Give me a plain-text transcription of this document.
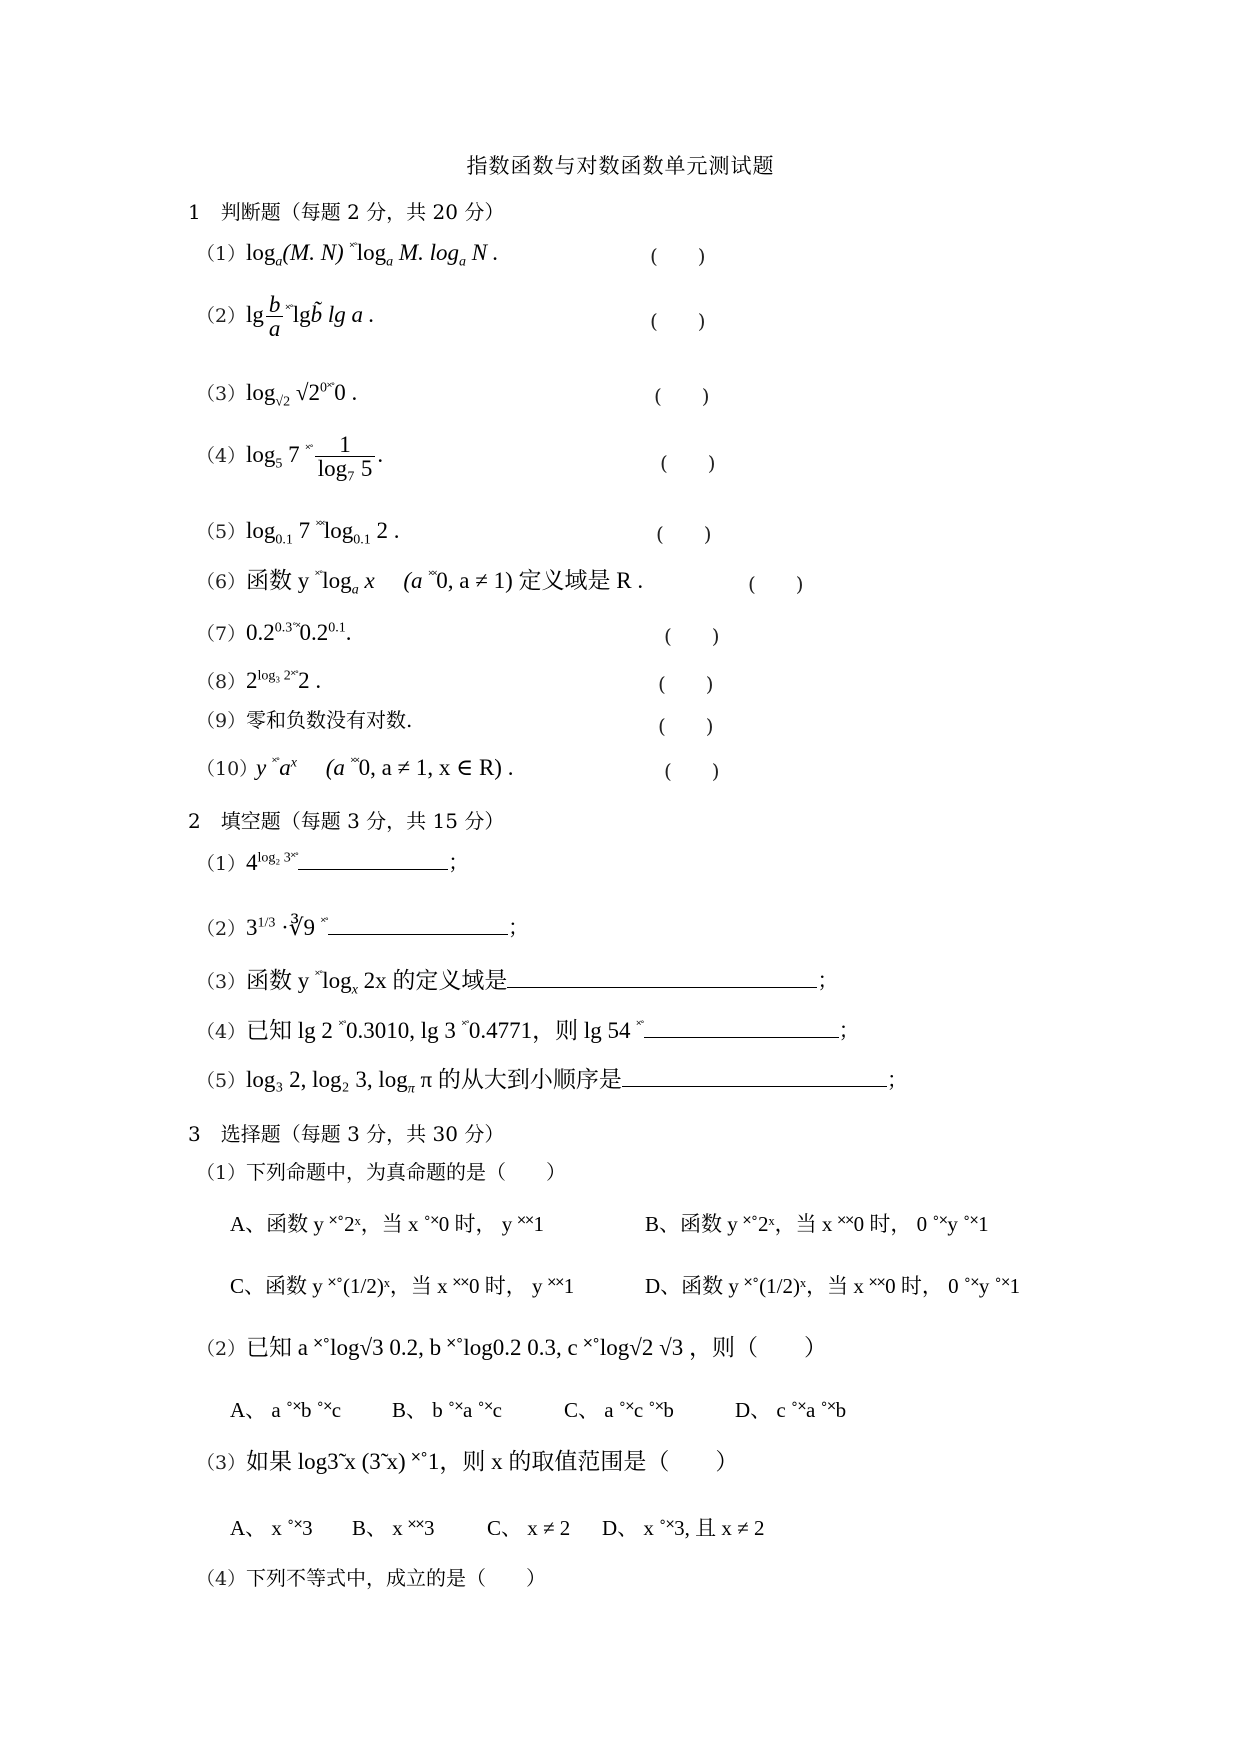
指数函数与对数函数单元测试题
1　判断题（每题 2 分，共 20 分）
$(1)\log_a(M$. N) $^{˟˚}\log_a$ M. $\log_a N$ .	(　　)
$(2)\lg \frac{b}{a}$ ˟˚lgb̃ lg a .	(　　)
$(3)\log_{√2}$ $√2^{0˟˚}0$ .	(　　)
$(4)\log_5$ 7 $^{˟˚} \frac{1}{\text{log₇ 5}}$ .	(　　)
$(5)\log_{0.1}$ 7 $^{˟˟}\log_{0.1}$ 2 .	(　　)
（6）函数 y $^{˟˚}\log_a$ x　 (a ˟˟0, a ≠ 1) 定义域是 R .	(　　)
$(7)0.2^{0.3˚˟}0.2^{0.1}$.	(　　)
$(8)2^{log_3 2˟˚}2$ .	(　　)
（9）零和负数没有对数.	(　　)
（10）y $^{˟˚}a^x$　 (a ˟˟0, a ≠ 1, x ∈ R) .	(　　)
2　填空题（每题 3 分，共 15 分）
$(1)4^{log_2 3˟˚}$	；
$(2)3^{1/3}$ ·∛9 ˟˚	；
（3）函数 y $^{˟˚}\log_x$ 2x 的定义域是	；
（4）已知 lg 2 ˟˚0.3010, lg 3 ˟˚0.4771，则 lg 54 ˟˚	；
（5）log₃ 2, log₂ 3, $\log_\pi \pi$ 的从大到小顺序是	；
3　选择题（每题 3 分，共 30 分）
（1）下列命题中，为真命题的是（　　）
A、函数 y ˟˚2ˣ，当 x ˚˟0 时， y ˟˟1	B、函数 y ˟˚2ˣ，当 x ˟˟0 时， 0 ˚˟y ˚˟1
C、函数 y ˟˚(1/2)ˣ，当 x ˟˟0 时， y ˟˟1	D、函数 y ˟˚(1/2)ˣ，当 x ˟˟0 时， 0 ˚˟y ˚˟1
（2）已知 a ˟˚log√3 0.2, b ˟˚log0.2 0.3, c ˟˚log√2 √3 ，则（　　）
A、 a ˚˟b ˚˟c B、 b ˚˟a ˚˟c	C、 a ˚˟c ˚˟b	D、 c ˚˟a ˚˟b
（3）如果 log3̃ x (3̃ x) ˟˚1，则 x 的取值范围是（　　）
A、 x ˚˟3 B、 x ˟˟3 C、 x ≠ 2 D、 x ˚˟3, 且 x ≠ 2
（4）下列不等式中，成立的是（　　）
